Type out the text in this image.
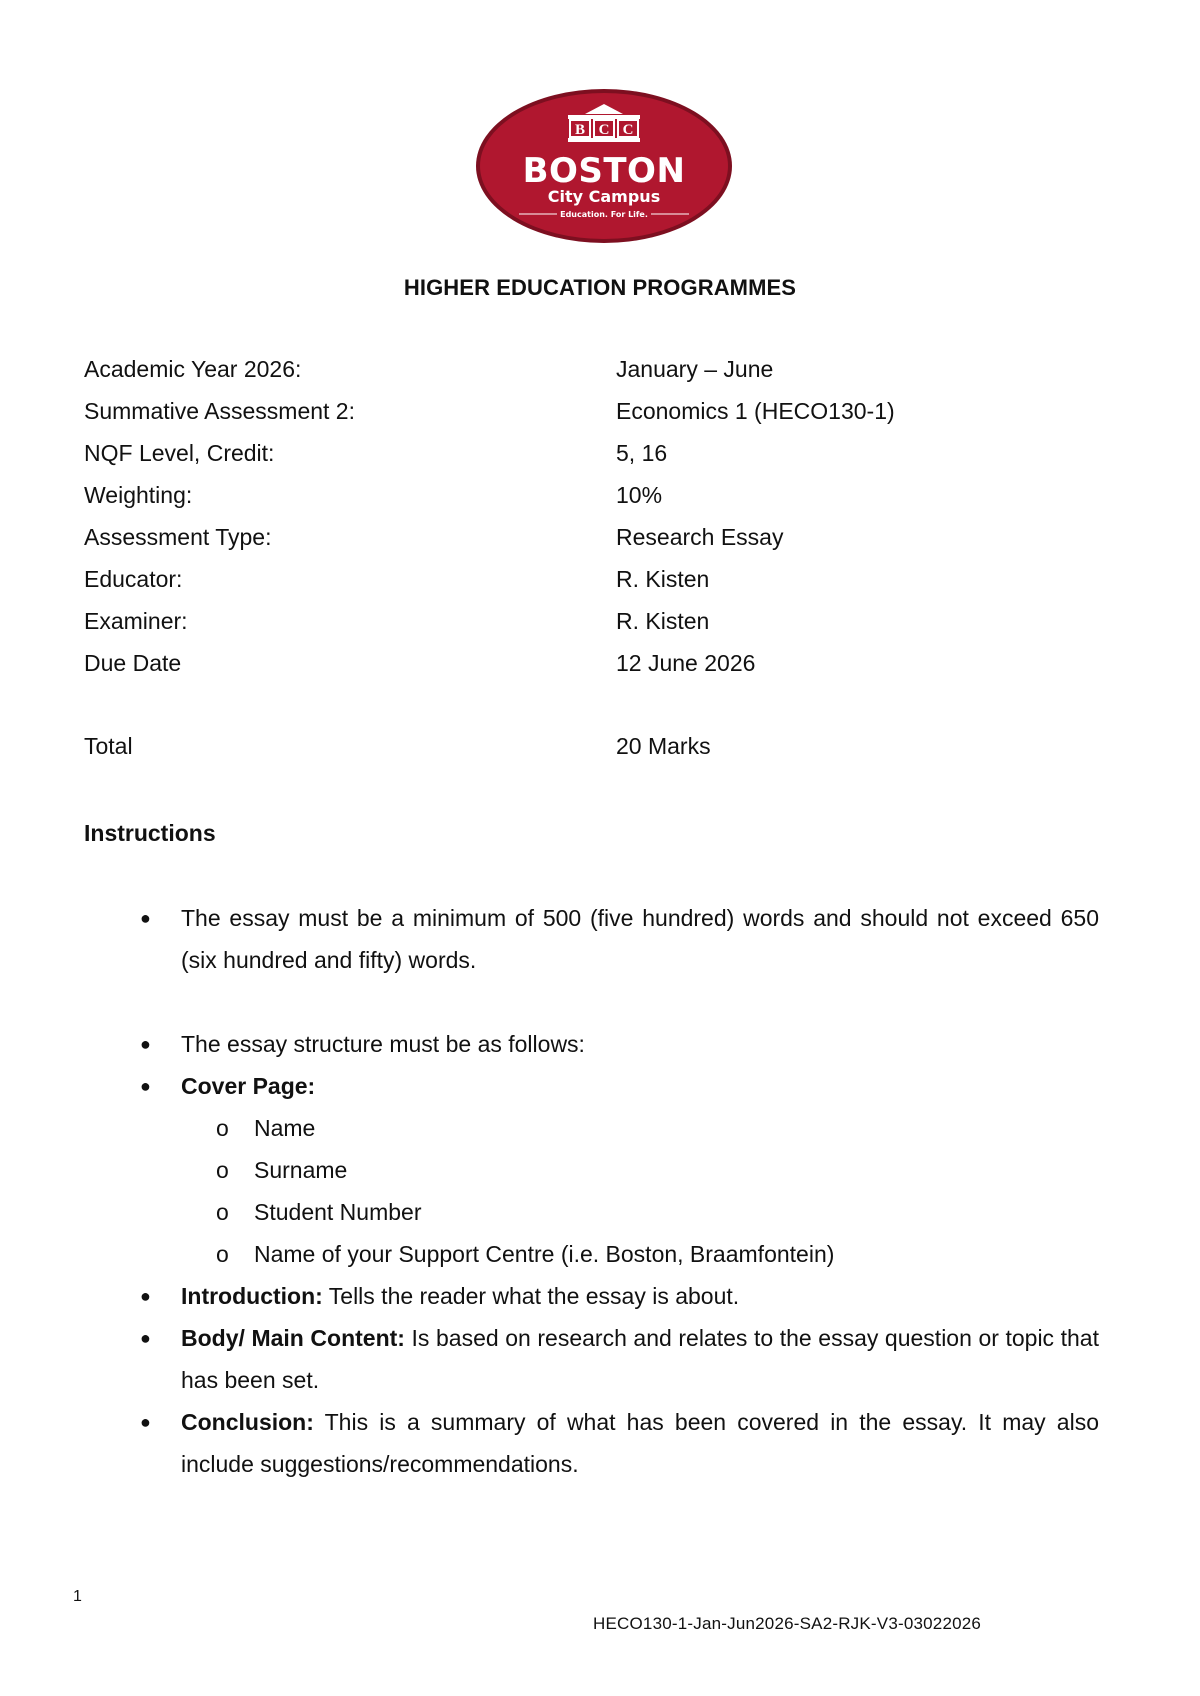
B C C
BOSTON
City Campus
Education. For Life.
HIGHER EDUCATION PROGRAMMES
Academic Year 2026:	January – June
Summative Assessment 2:	Economics 1 (HECO130-1)
NQF Level, Credit:	5, 16
Weighting:	10%
Assessment Type:	Research Essay
Educator:	R. Kisten
Examiner:	R. Kisten
Due Date	12 June 2026
Total	20 Marks
Instructions
●	The essay must be a minimum of 500 (five hundred) words and should not exceed 650 (six hundred and fifty) words.
●	The essay structure must be as follows:
●	Cover Page:
o Name
o Surname
o Student Number
o Name of your Support Centre (i.e. Boston, Braamfontein)
●	Introduction: Tells the reader what the essay is about.
●	Body/ Main Content: Is based on research and relates to the essay question or topic that has been set.
●	Conclusion: This is a summary of what has been covered in the essay. It may also include suggestions/recommendations.
1
HECO130-1-Jan-Jun2026-SA2-RJK-V3-03022026
